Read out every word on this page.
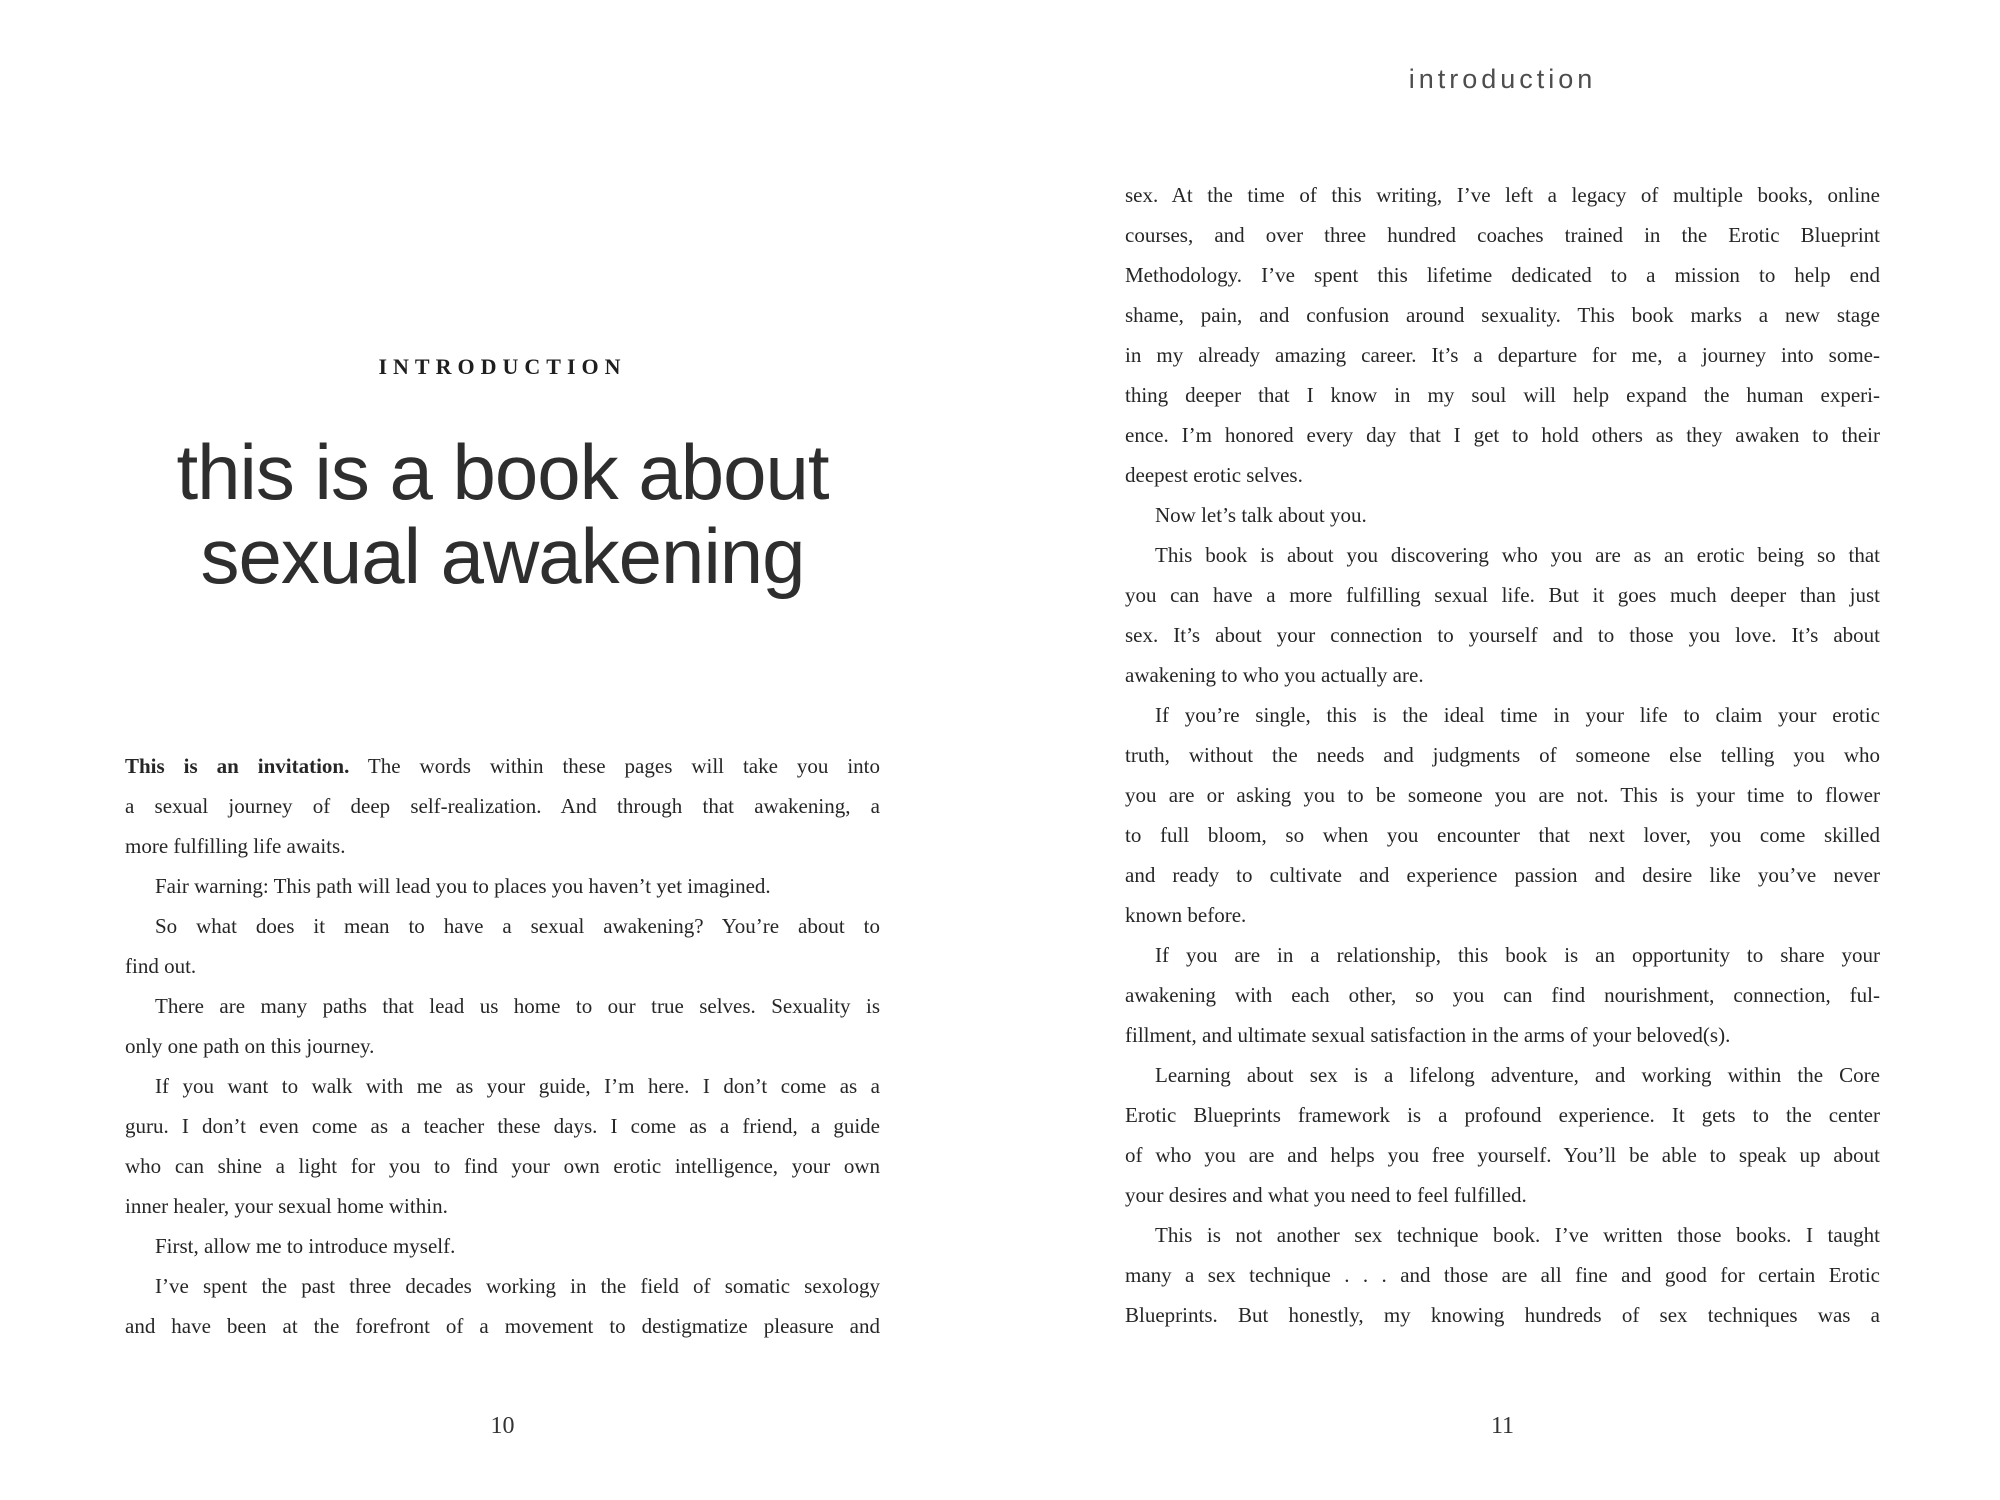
INTRODUCTION
this is a book about
sexual awakening
This is an invitation. The words within these pages will take you into
a sexual journey of deep self-realization. And through that awakening, a
more fulfilling life awaits.
Fair warning: This path will lead you to places you haven’t yet imagined.
So what does it mean to have a sexual awakening? You’re about to
find out.
There are many paths that lead us home to our true selves. Sexuality is
only one path on this journey.
If you want to walk with me as your guide, I’m here. I don’t come as a
guru. I don’t even come as a teacher these days. I come as a friend, a guide
who can shine a light for you to find your own erotic intelligence, your own
inner healer, your sexual home within.
First, allow me to introduce myself.
I’ve spent the past three decades working in the field of somatic sexology
and have been at the forefront of a movement to destigmatize pleasure and
10
introduction
sex. At the time of this writing, I’ve left a legacy of multiple books, online
courses, and over three hundred coaches trained in the Erotic Blueprint
Methodology. I’ve spent this lifetime dedicated to a mission to help end
shame, pain, and confusion around sexuality. This book marks a new stage
in my already amazing career. It’s a departure for me, a journey into some-
thing deeper that I know in my soul will help expand the human experi-
ence. I’m honored every day that I get to hold others as they awaken to their
deepest erotic selves.
Now let’s talk about you.
This book is about you discovering who you are as an erotic being so that
you can have a more fulfilling sexual life. But it goes much deeper than just
sex. It’s about your connection to yourself and to those you love. It’s about
awakening to who you actually are.
If you’re single, this is the ideal time in your life to claim your erotic
truth, without the needs and judgments of someone else telling you who
you are or asking you to be someone you are not. This is your time to flower
to full bloom, so when you encounter that next lover, you come skilled
and ready to cultivate and experience passion and desire like you’ve never
known before.
If you are in a relationship, this book is an opportunity to share your
awakening with each other, so you can find nourishment, connection, ful-
fillment, and ultimate sexual satisfaction in the arms of your beloved(s).
Learning about sex is a lifelong adventure, and working within the Core
Erotic Blueprints framework is a profound experience. It gets to the center
of who you are and helps you free yourself. You’ll be able to speak up about
your desires and what you need to feel fulfilled.
This is not another sex technique book. I’ve written those books. I taught
many a sex technique . . . and those are all fine and good for certain Erotic
Blueprints. But honestly, my knowing hundreds of sex techniques was a
11
